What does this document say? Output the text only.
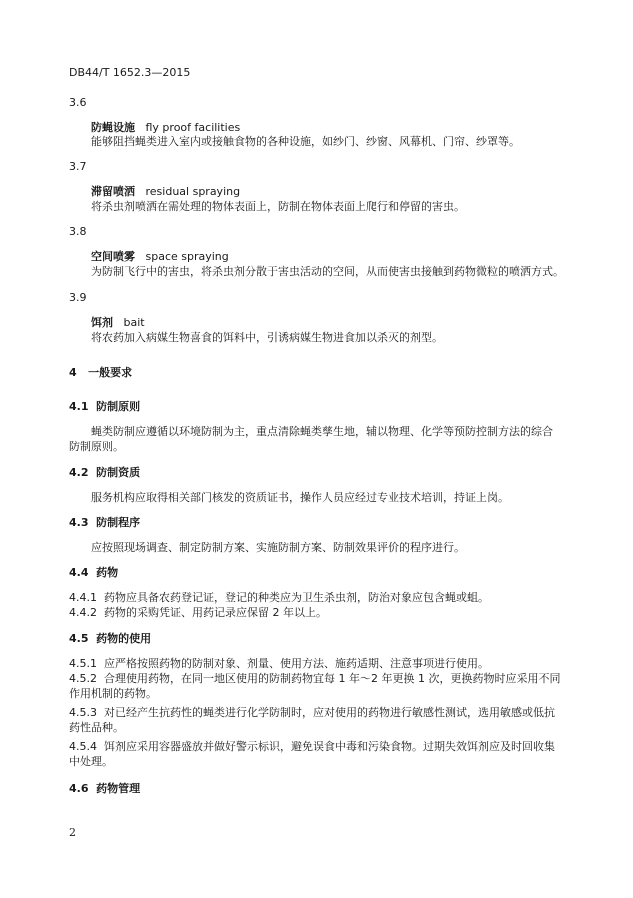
DB44/T 1652.3—2015
3.6
防蝇设施 fly proof facilities
能够阻挡蝇类进入室内或接触食物的各种设施，如纱门、纱窗、风幕机、门帘、纱罩等。
3.7
滞留喷洒 residual spraying
将杀虫剂喷洒在需处理的物体表面上，防制在物体表面上爬行和停留的害虫。
3.8
空间喷雾 space spraying
为防制飞行中的害虫，将杀虫剂分散于害虫活动的空间，从而使害虫接触到药物微粒的喷洒方式。
3.9
饵剂 bait
将农药加入病媒生物喜食的饵料中，引诱病媒生物进食加以杀灭的剂型。
4 一般要求
4.1 防制原则
蝇类防制应遵循以环境防制为主，重点清除蝇类孳生地，辅以物理、化学等预防控制方法的综合
防制原则。
4.2 防制资质
服务机构应取得相关部门核发的资质证书，操作人员应经过专业技术培训，持证上岗。
4.3 防制程序
应按照现场调查、制定防制方案、实施防制方案、防制效果评价的程序进行。
4.4 药物
4.4.1 药物应具备农药登记证，登记的种类应为卫生杀虫剂，防治对象应包含蝇或蛆。
4.4.2 药物的采购凭证、用药记录应保留 2 年以上。
4.5 药物的使用
4.5.1 应严格按照药物的防制对象、剂量、使用方法、施药适期、注意事项进行使用。
4.5.2 合理使用药物，在同一地区使用的防制药物宜每 1 年～2 年更换 1 次，更换药物时应采用不同
作用机制的药物。
4.5.3 对已经产生抗药性的蝇类进行化学防制时，应对使用的药物进行敏感性测试，选用敏感或低抗
药性品种。
4.5.4 饵剂应采用容器盛放并做好警示标识，避免误食中毒和污染食物。过期失效饵剂应及时回收集
中处理。
4.6 药物管理
2
